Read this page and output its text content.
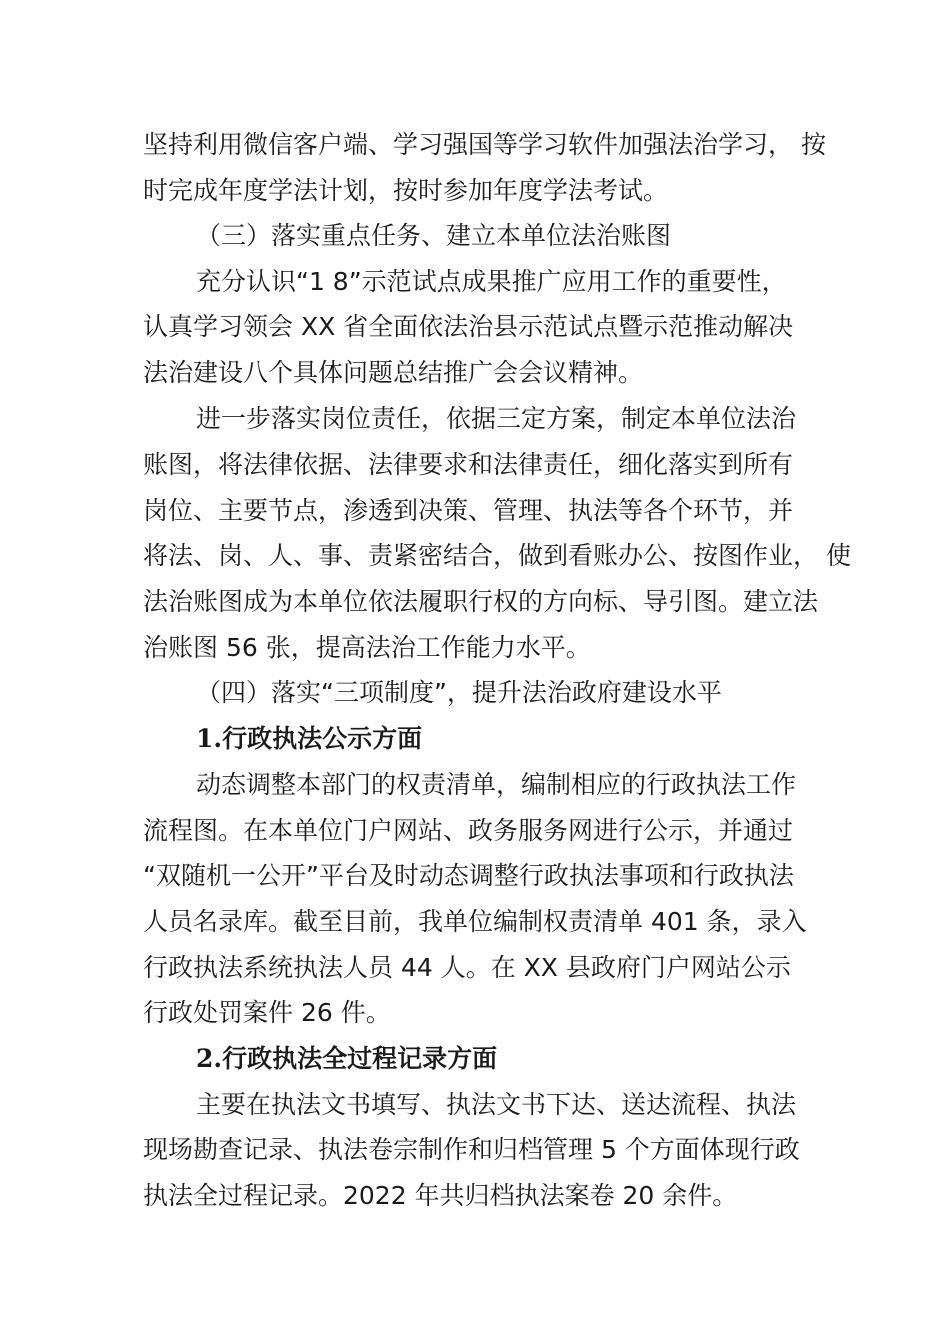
坚持利用微信客户端、学习强国等学习软件加强法治学习， 按
时完成年度学法计划，按时参加年度学法考试。
（三）落实重点任务、建立本单位法治账图
充分认识“1 8”示范试点成果推广应用工作的重要性，
认真学习领会 XX 省全面依法治县示范试点暨示范推动解决
法治建设八个具体问题总结推广会会议精神。
进一步落实岗位责任，依据三定方案，制定本单位法治
账图，将法律依据、法律要求和法律责任，细化落实到所有
岗位、主要节点，渗透到决策、管理、执法等各个环节，并
将法、岗、人、事、责紧密结合，做到看账办公、按图作业， 使
法治账图成为本单位依法履职行权的方向标、导引图。建立法
治账图 56 张，提高法治工作能力水平。
（四）落实“三项制度”，提升法治政府建设水平
1.行政执法公示方面
动态调整本部门的权责清单，编制相应的行政执法工作
流程图。在本单位门户网站、政务服务网进行公示，并通过
“双随机一公开”平台及时动态调整行政执法事项和行政执法
人员名录库。截至目前，我单位编制权责清单 401 条，录入
行政执法系统执法人员 44 人。在 XX 县政府门户网站公示
行政处罚案件 26 件。
2.行政执法全过程记录方面
主要在执法文书填写、执法文书下达、送达流程、执法
现场勘查记录、执法卷宗制作和归档管理 5 个方面体现行政
执法全过程记录。2022 年共归档执法案卷 20 余件。
